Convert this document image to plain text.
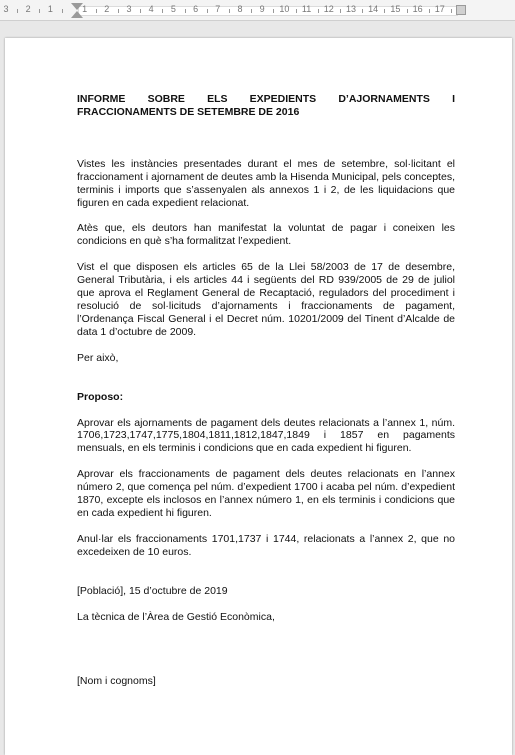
3 2 1	1 2 3 4 5 6 7 8 9 10 11 12 13 14 15 16 17

INFORME SOBRE ELS EXPEDIENTS D’AJORNAMENTS I
FRACCIONAMENTS DE SETEMBRE DE 2016

Vistes les instàncies presentades durant el mes de setembre, sol·licitant el fraccionament i ajornament de deutes amb la Hisenda Municipal, pels conceptes, terminis i imports que s’assenyalen als annexos 1 i 2, de les liquidacions que figuren en cada expedient relacionat.

Atès que, els deutors han manifestat la voluntat de pagar i coneixen les condicions en què s’ha formalitzat l’expedient.

Vist el que disposen els articles 65 de la Llei 58/2003 de 17 de desembre, General Tributària, i els articles 44 i següents del RD 939/2005 de 29 de juliol que aprova el Reglament General de Recaptació, reguladors del procediment i resolució de sol·licituds d’ajornaments i fraccionaments de pagament, l’Ordenança Fiscal General i el Decret núm. 10201/2009 del Tinent d’Alcalde de data 1 d’octubre de 2009.

Per això,

Proposo:

Aprovar els ajornaments de pagament dels deutes relacionats a l’annex 1, núm. 1706,1723,1747,1775,1804,1811,1812,1847,1849 i 1857 en pagaments mensuals, en els terminis i condicions que en cada expedient hi figuren.

Aprovar els fraccionaments de pagament dels deutes relacionats en l’annex número 2, que comença pel núm. d’expedient 1700 i acaba pel núm. d’expedient 1870, excepte els inclosos en l’annex número 1, en els terminis i condicions que en cada expedient hi figuren.

Anul·lar els fraccionaments 1701,1737 i 1744, relacionats a l’annex 2, que no excedeixen de 10 euros.

[Població], 15 d’octubre de 2019

La tècnica de l’Àrea de Gestió Econòmica,

[Nom i cognoms]
